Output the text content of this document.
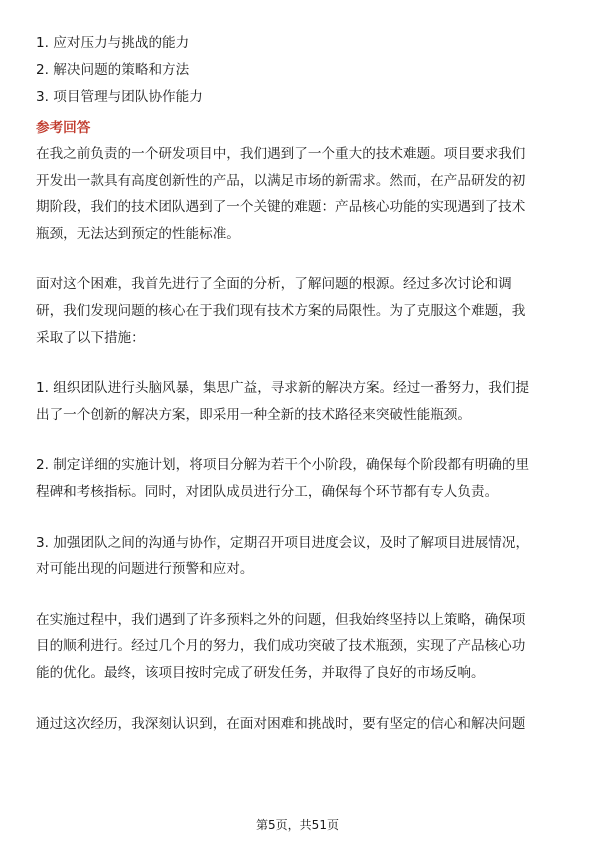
1. 应对压力与挑战的能力
2. 解决问题的策略和方法
3. 项目管理与团队协作能力
参考回答
在我之前负责的一个研发项目中，我们遇到了一个重大的技术难题。项目要求我们
开发出一款具有高度创新性的产品，以满足市场的新需求。然而，在产品研发的初
期阶段，我们的技术团队遇到了一个关键的难题：产品核心功能的实现遇到了技术
瓶颈，无法达到预定的性能标准。
面对这个困难，我首先进行了全面的分析，了解问题的根源。经过多次讨论和调
研，我们发现问题的核心在于我们现有技术方案的局限性。为了克服这个难题，我
采取了以下措施：
1. 组织团队进行头脑风暴，集思广益，寻求新的解决方案。经过一番努力，我们提
出了一个创新的解决方案，即采用一种全新的技术路径来突破性能瓶颈。
2. 制定详细的实施计划，将项目分解为若干个小阶段，确保每个阶段都有明确的里
程碑和考核指标。同时，对团队成员进行分工，确保每个环节都有专人负责。
3. 加强团队之间的沟通与协作，定期召开项目进度会议，及时了解项目进展情况，
对可能出现的问题进行预警和应对。
在实施过程中，我们遇到了许多预料之外的问题，但我始终坚持以上策略，确保项
目的顺利进行。经过几个月的努力，我们成功突破了技术瓶颈，实现了产品核心功
能的优化。最终，该项目按时完成了研发任务，并取得了良好的市场反响。
通过这次经历，我深刻认识到，在面对困难和挑战时，要有坚定的信心和解决问题
第5页，共51页
